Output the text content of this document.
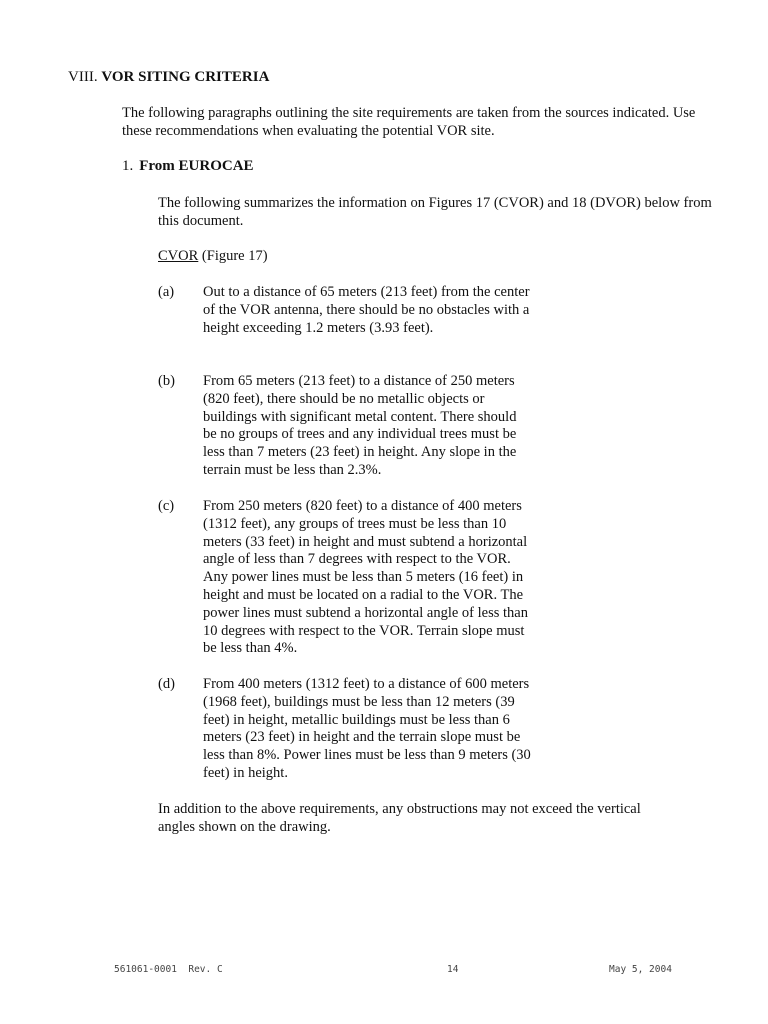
VIII. VOR SITING CRITERIA
The following paragraphs outlining the site requirements are taken from the sources indicated. Use these recommendations when evaluating the potential VOR site.
1. From EUROCAE
The following summarizes the information on Figures 17 (CVOR) and 18 (DVOR) below from this document.
CVOR (Figure 17)
(a)	Out to a distance of 65 meters (213 feet) from the center of the VOR antenna, there should be no obstacles with a height exceeding 1.2 meters (3.93 feet).
(b)	From 65 meters (213 feet) to a distance of 250 meters (820 feet), there should be no metallic objects or buildings with significant metal content. There should be no groups of trees and any individual trees must be less than 7 meters (23 feet) in height. Any slope in the terrain must be less than 2.3%.
(c)	From 250 meters (820 feet) to a distance of 400 meters (1312 feet), any groups of trees must be less than 10 meters (33 feet) in height and must subtend a horizontal angle of less than 7 degrees with respect to the VOR. Any power lines must be less than 5 meters (16 feet) in height and must be located on a radial to the VOR. The power lines must subtend a horizontal angle of less than 10 degrees with respect to the VOR. Terrain slope must be less than 4%.
(d)	From 400 meters (1312 feet) to a distance of 600 meters (1968 feet), buildings must be less than 12 meters (39 feet) in height, metallic buildings must be less than 6 meters (23 feet) in height and the terrain slope must be less than 8%. Power lines must be less than 9 meters (30 feet) in height.
In addition to the above requirements, any obstructions may not exceed the vertical angles shown on the drawing.
561061-0001  Rev. C	14	May 5, 2004
